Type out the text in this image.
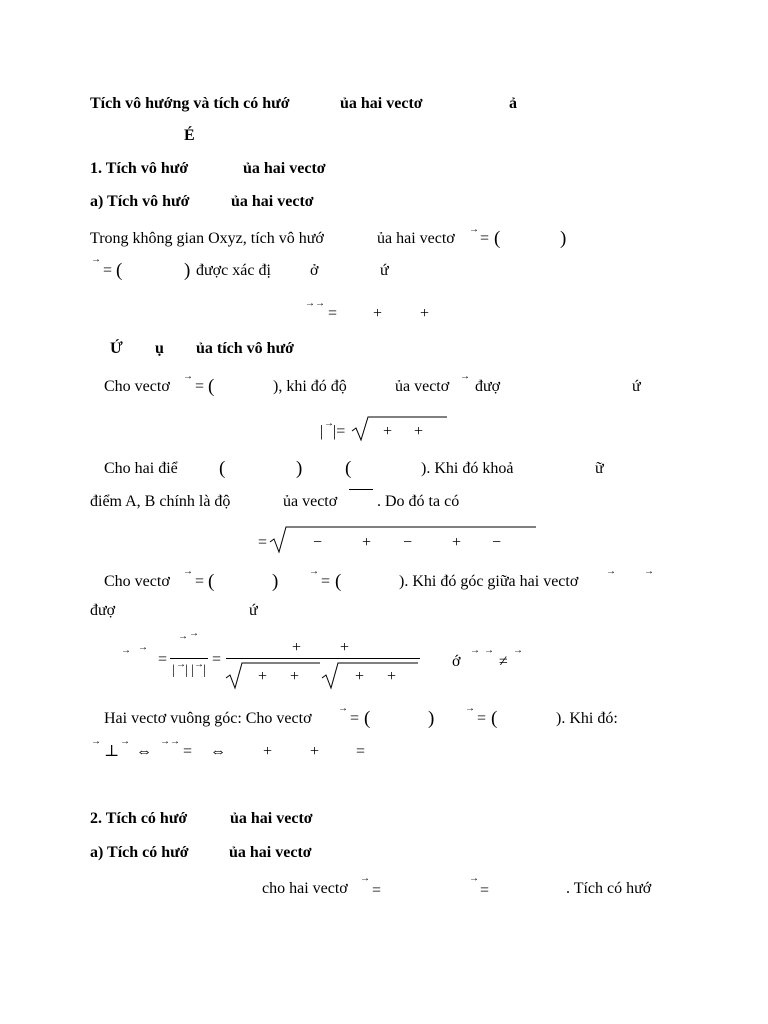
Tích vô hướng và tích có hướ	ủa hai vectơ	ả
É
1. Tích vô hướ	ủa hai vectơ
a) Tích vô hướ	ủa hai vectơ
Trong không gian Oxyz, tích vô hướ	ủa hai vectơ
→
= (	)
→
= (	) được xác đị ở	ứ
→ →
= + +
Ứ ụ ủa tích vô hướ
Cho vectơ
→
= (	), khi đó độ	ủa vectơ
→
đượ	ứ
| → |= + +
Cho hai điể (	) (	). Khi đó khoả	ữ
điểm A, B chính là độ	ủa vectơ . Do đó ta có
=	− + − + −
Cho vectơ
→
= (	)	→
= (	). Khi đó góc giữa hai vectơ
→	→
đượ	ứ
→ →
=
→ →
| → | | → |
=
+ +
+ +	+ +
ớ
→ →
≠
→
Hai vectơ vuông góc: Cho vectơ
→
= (	)	→
= (	). Khi đó:
→
⊥
→
⇔
→ →
= ⇔ + + =
2. Tích có hướ	ủa hai vectơ
a) Tích có hướ	ủa hai vectơ
cho hai vectơ
→
=
→
=	. Tích có hướ
